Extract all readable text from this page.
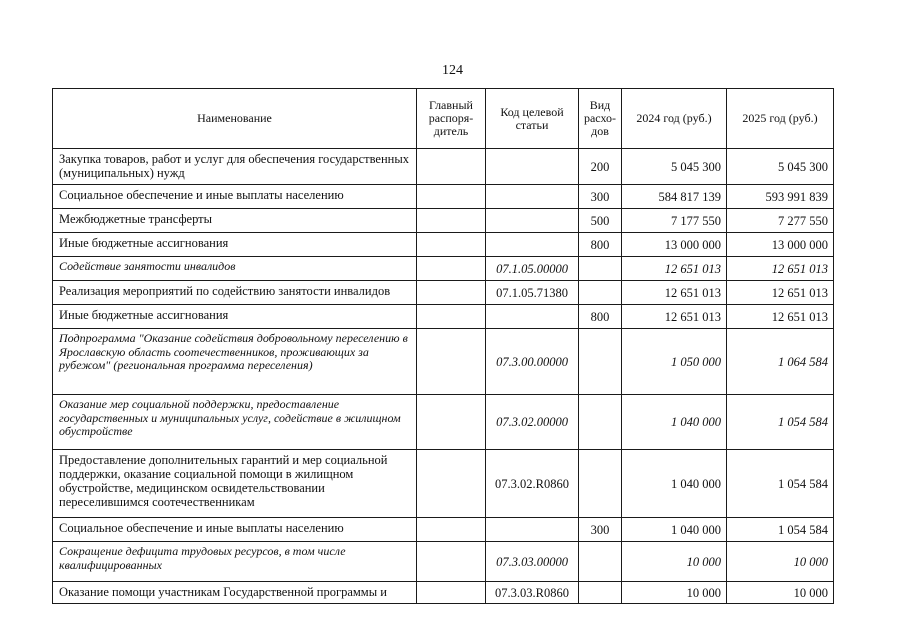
124
Наименование	Главный распоря-дитель	Код целевой статьи	Вид расхо-дов	2024 год (руб.)	2025 год (руб.)
Закупка товаров, работ и услуг для обеспечения государственных (муниципальных) нужд			200	5 045 300	5 045 300
Социальное обеспечение и иные выплаты населению			300	584 817 139	593 991 839
Межбюджетные трансферты			500	7 177 550	7 277 550
Иные бюджетные ассигнования			800	13 000 000	13 000 000
Содействие занятости инвалидов		07.1.05.00000		12 651 013	12 651 013
Реализация мероприятий по содействию занятости инвалидов		07.1.05.71380		12 651 013	12 651 013
Иные бюджетные ассигнования			800	12 651 013	12 651 013
Подпрограмма "Оказание содействия добровольному переселению в Ярославскую область соотечественников, проживающих за рубежом" (региональная программа переселения)		07.3.00.00000		1 050 000	1 064 584
Оказание мер социальной поддержки, предоставление государственных и муниципальных услуг, содействие в жилищном обустройстве		07.3.02.00000		1 040 000	1 054 584
Предоставление дополнительных гарантий и мер социальной поддержки, оказание социальной помощи в жилищном обустройстве, медицинском освидетельствовании переселившимся соотечественникам		07.3.02.R0860		1 040 000	1 054 584
Социальное обеспечение и иные выплаты населению			300	1 040 000	1 054 584
Сокращение дефицита трудовых ресурсов, в том числе квалифицированных		07.3.03.00000		10 000	10 000
Оказание помощи участникам Государственной программы и		07.3.03.R0860		10 000	10 000
